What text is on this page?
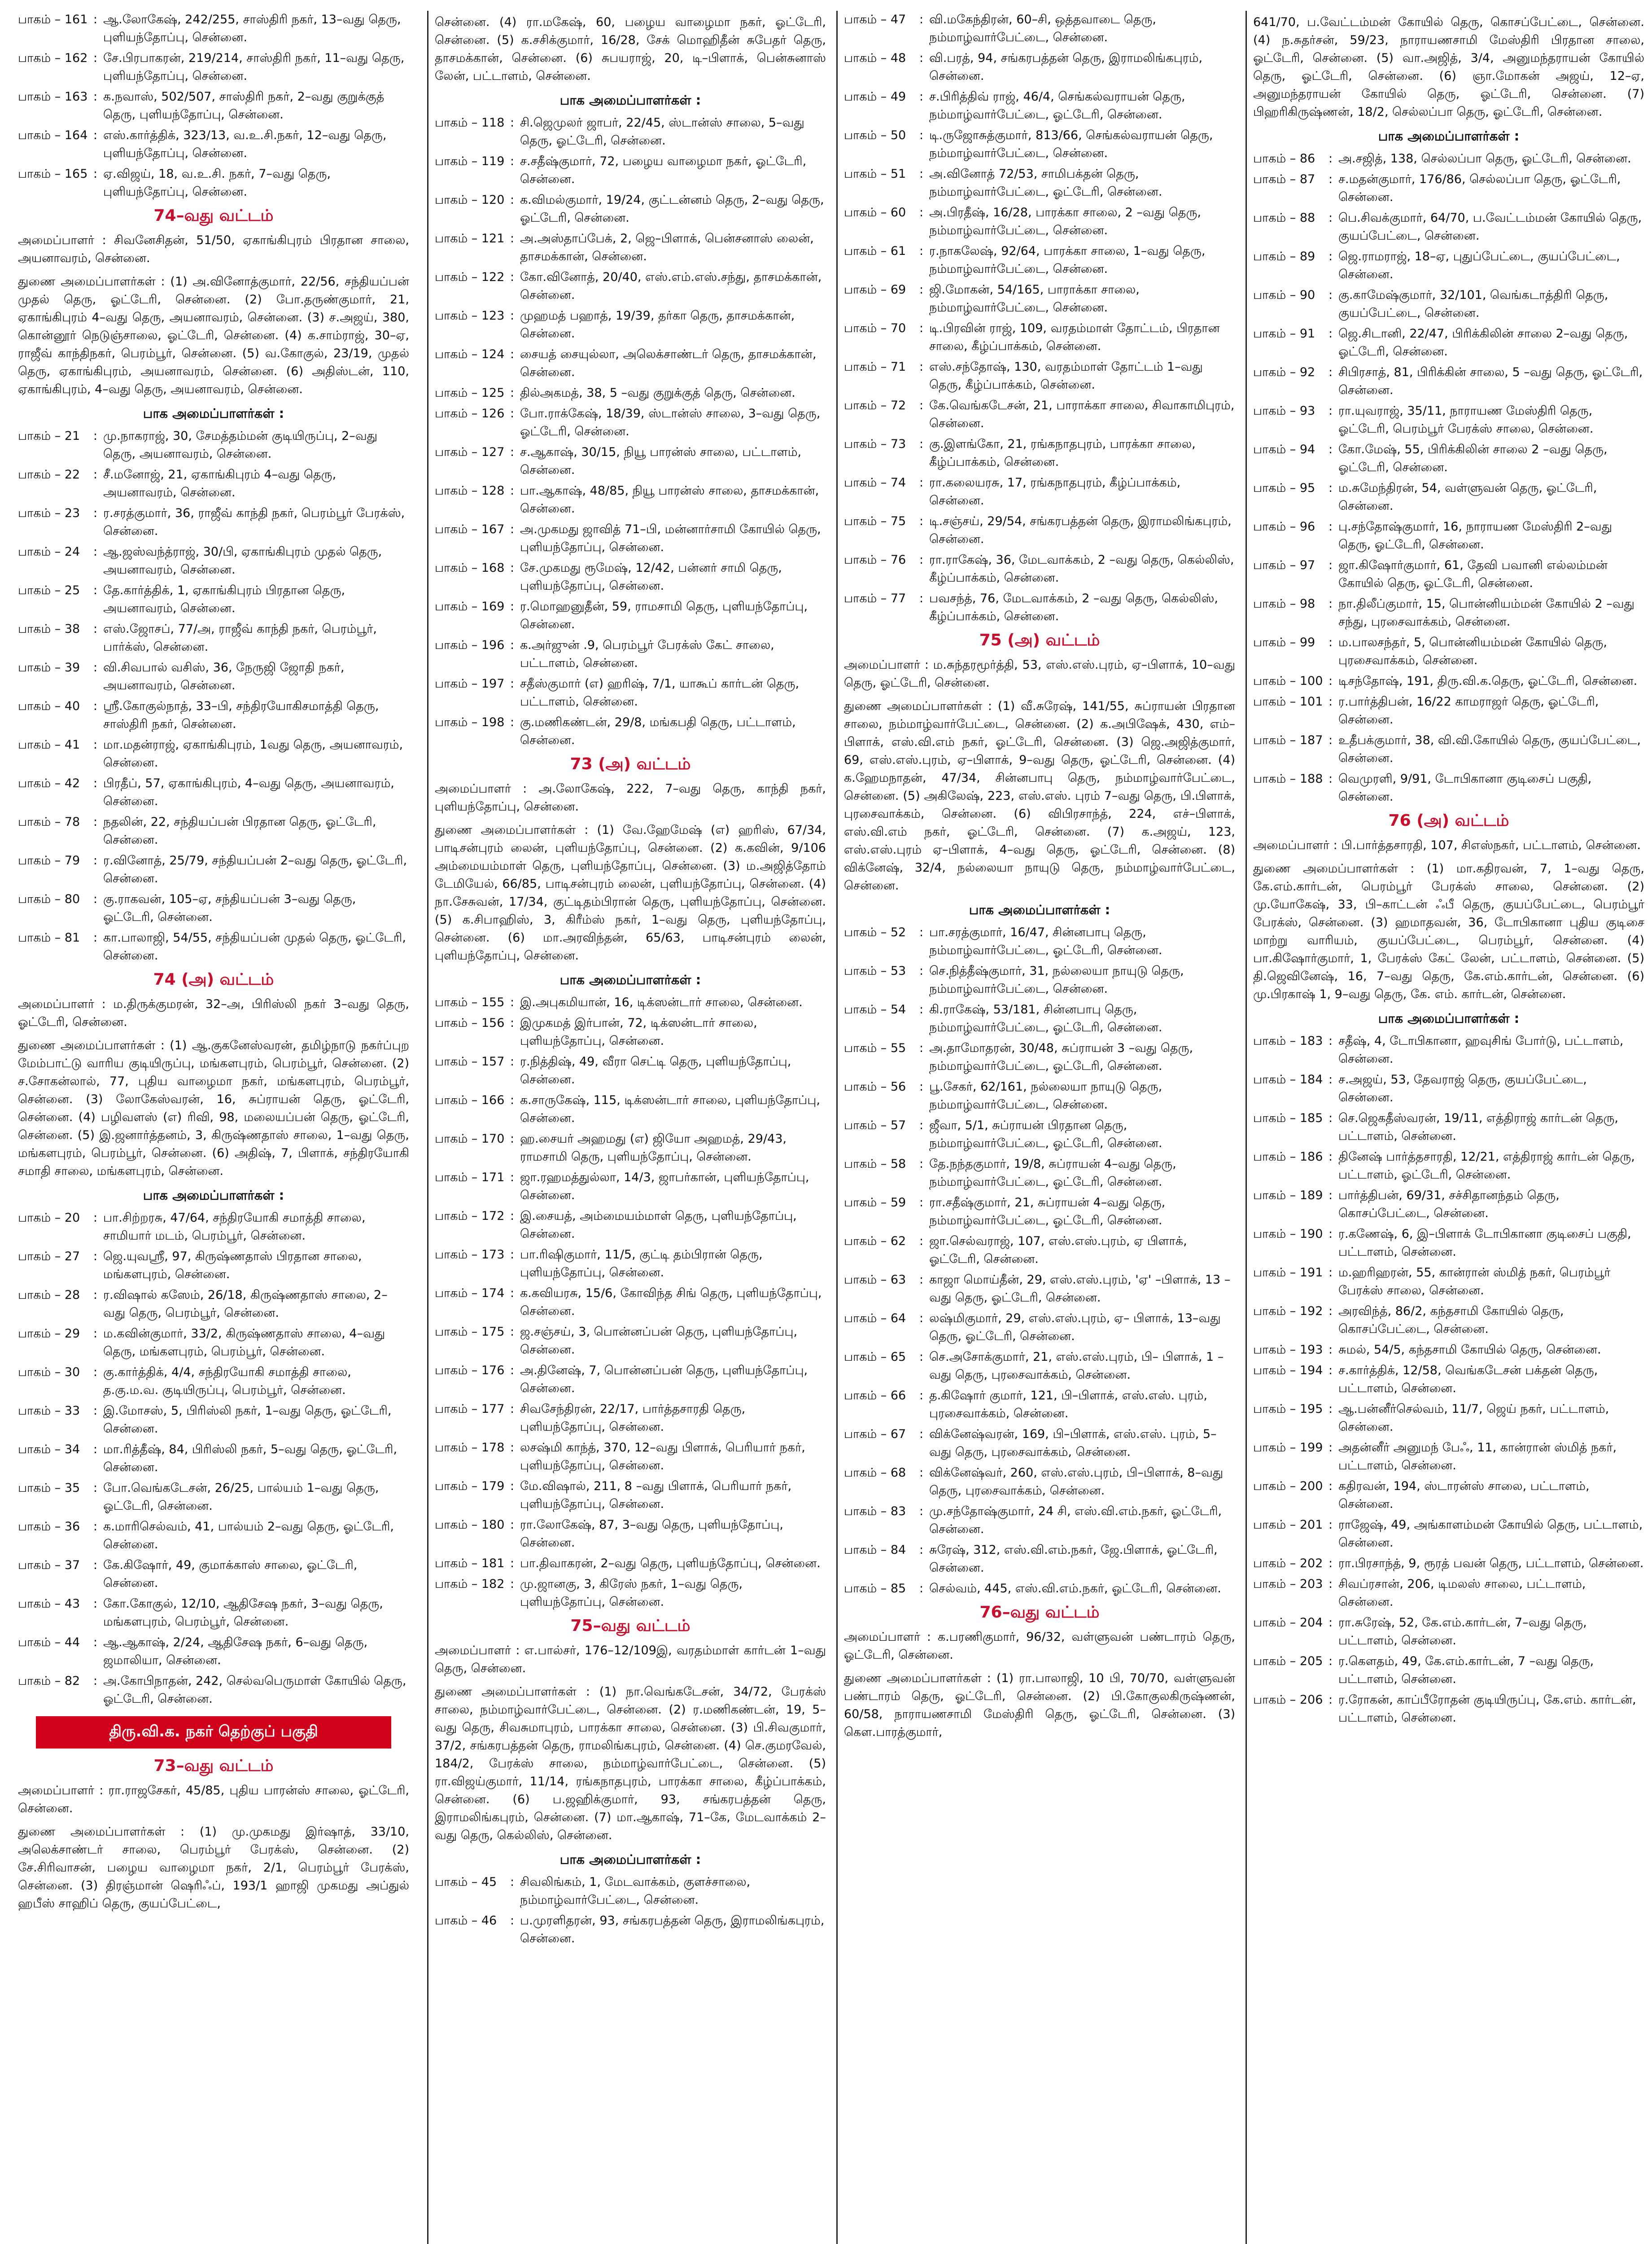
பாகம் – 161 : ஆ.லோகேஷ், 242/255, சாஸ்திரி நகர், 13–வது தெரு, புளியந்தோப்பு, சென்னை.
பாகம் – 162 : சே.பிரபாகரன், 219/214, சாஸ்திரி நகர், 11–வது தெரு, புளியந்தோப்பு, சென்னை.
பாகம் – 163 : க.நவாஸ், 502/507, சாஸ்திரி நகர், 2–வது குறுக்குத் தெரு, புளியந்தோப்பு, சென்னை.
பாகம் – 164 : எஸ்.கார்த்திக், 323/13, வ.உ.சி.நகர், 12–வது தெரு, புளியந்தோப்பு, சென்னை.
பாகம் – 165 : ஏ.விஜய், 18, வ.உ.சி. நகர், 7–வது தெரு, புளியந்தோப்பு, சென்னை.
74–வது வட்டம்
அமைப்பாளர் : சிவனேசிதன், 51/50, ஏகாங்கிபுரம் பிரதான சாலை, அயனாவரம், சென்னை.
துணை அமைப்பாளர்கள் : (1) அ.வினோத்குமார், 22/56, சந்தியப்பன் முதல் தெரு, ஓட்டேரி, சென்னை. (2) போ.தருண்குமார், 21, ஏகாங்கிபுரம் 4–வது தெரு, அயனாவரம், சென்னை. (3) ச.அஜய், 380, கொன்னூர் நெடுஞ்சாலை, ஓட்டேரி, சென்னை. (4) க.சாம்ராஜ், 30–ஏ, ராஜீவ் காந்திநகர், பெரம்பூர், சென்னை. (5) வ.கோகுல், 23/19, முதல் தெரு, ஏகாங்கிபுரம், அயனாவரம், சென்னை. (6) அதிஸ்டன், 110, ஏகாங்கிபுரம், 4–வது தெரு, அயனாவரம், சென்னை.
பாக அமைப்பாளர்கள் :
பாகம் – 21	: மு.நாகராஜ், 30, சேமத்தம்மன் குடியிருப்பு, 2–வது தெரு, அயனாவரம், சென்னை.
பாகம் – 22	: சீ.மனோஜ், 21, ஏகாங்கிபுரம் 4–வது தெரு, அயனாவரம், சென்னை.
பாகம் – 23	: ர.சரத்குமார், 36, ராஜீவ் காந்தி நகர், பெரம்பூர் பேரக்ஸ், சென்னை.
பாகம் – 24	: ஆ.ஜஸ்வந்த்ராஜ், 30/பி, ஏகாங்கிபுரம் முதல் தெரு, அயனாவரம், சென்னை.
பாகம் – 25	: தே.கார்த்திக், 1, ஏகாங்கிபுரம் பிரதான தெரு, அயனாவரம், சென்னை.
பாகம் – 38	: எஸ்.ஜோசப், 77/அ, ராஜீவ் காந்தி நகர், பெரம்பூர், பார்க்ஸ், சென்னை.
பாகம் – 39	: வி.சிவபால் வசிஸ், 36, நேருஜி ஜோதி நகர், அயனாவரம், சென்னை.
பாகம் – 40	: ஸ்ரீ.கோகுல்நாத், 33–பி, சந்திரயோகிசமாத்தி தெரு, சாஸ்திரி நகர், சென்னை.
பாகம் – 41	: மா.மதன்ராஜ், ஏகாங்கிபுரம், 1வது தெரு, அயனாவரம், சென்னை.
பாகம் – 42	: பிரதீப், 57, ஏகாங்கிபுரம், 4–வது தெரு, அயனாவரம், சென்னை.
பாகம் – 78	: நதலின், 22, சந்தியப்பன் பிரதான தெரு, ஓட்டேரி, சென்னை.
பாகம் – 79	: ர.வினோத், 25/79, சந்தியப்பன் 2–வது தெரு, ஓட்டேரி, சென்னை.
பாகம் – 80	: கு.ராகவன், 105–ஏ, சந்தியப்பன் 3–வது தெரு, ஓட்டேரி, சென்னை.
பாகம் – 81	: கா.பாலாஜி, 54/55, சந்தியப்பன் முதல் தெரு, ஓட்டேரி, சென்னை.
74 (அ) வட்டம்
அமைப்பாளர் : ம.திருக்குமரன், 32–அ, பிரிஸ்லி நகர் 3–வது தெரு, ஓட்டேரி, சென்னை.
துணை அமைப்பாளர்கள் : (1) ஆ.குகனேஸ்வரன், தமிழ்நாடு நகர்ப்புற மேம்பாட்டு வாரிய குடியிருப்பு, மங்களபுரம், பெரம்பூர், சென்னை. (2) ச.சோகன்லால், 77, புதிய வாழைமா நகர், மங்களபுரம், பெரம்பூர், சென்னை. (3) லோகேஸ்வரன், 16, சுப்ராயன் தெரு, ஓட்டேரி, சென்னை. (4) பழிவளஸ் (எ) ரிவி, 98, மலையப்பன் தெரு, ஓட்டேரி, சென்னை. (5) இ.ஜனார்த்தனம், 3, கிருஷ்ணதாஸ் சாலை, 1–வது தெரு, மங்களபுரம், பெரம்பூர், சென்னை. (6) அதிஷ், 7, பிளாக், சந்திரயோகி சமாதி சாலை, மங்களபுரம், சென்னை.
பாக அமைப்பாளர்கள் :
பாகம் – 20	: பா.சிற்றரசு, 47/64, சந்திரயோகி சமாத்தி சாலை, சாமியார் மடம், பெரம்பூர், சென்னை.
பாகம் – 27	: ஜெ.யுவஸ்ரீ, 97, கிருஷ்ணதாஸ் பிரதான சாலை, மங்களபுரம், சென்னை.
பாகம் – 28	: ர.விஷால் கஸேம், 26/18, கிருஷ்ணதாஸ் சாலை, 2–வது தெரு, பெரம்பூர், சென்னை.
பாகம் – 29	: ம.கவின்குமார், 33/2, கிருஷ்ணதாஸ் சாலை, 4–வது தெரு, மங்களபுரம், பெரம்பூர், சென்னை.
பாகம் – 30	: கு.கார்த்திக், 4/4, சந்திரயோகி சமாத்தி சாலை, த.கு.ம.வ. குடியிருப்பு, பெரம்பூர், சென்னை.
பாகம் – 33	: இ.மோசஸ், 5, பிரிஸ்லி நகர், 1–வது தெரு, ஓட்டேரி, சென்னை.
பாகம் – 34	: மா.ரித்தீஷ், 84, பிரிஸ்லி நகர், 5–வது தெரு, ஓட்டேரி, சென்னை.
பாகம் – 35	: போ.வெங்கடேசன், 26/25, பால்யம் 1–வது தெரு, ஓட்டேரி, சென்னை.
பாகம் – 36	: க.மாரிசெல்வம், 41, பால்யம் 2–வது தெரு, ஓட்டேரி, சென்னை.
பாகம் – 37	: கே.கிஷோர், 49, குமாக்காஸ் சாலை, ஓட்டேரி, சென்னை.
பாகம் – 43	: கோ.கோகுல், 12/10, ஆதிசேஷ நகர், 3–வது தெரு, மங்களபுரம், பெரம்பூர், சென்னை.
பாகம் – 44	: ஆ.ஆகாஷ், 2/24, ஆதிசேஷ நகர், 6–வது தெரு, ஜமாலியா, சென்னை.
பாகம் – 82	: அ.கோபிநாதன், 242, செல்வபெருமாள் கோயில் தெரு, ஓட்டேரி, சென்னை.
திரு.வி.க. நகர் தெற்குப் பகுதி
73–வது வட்டம்
அமைப்பாளர் : ரா.ராஜசேகர், 45/85, புதிய பாரன்ஸ் சாலை, ஓட்டேரி, சென்னை.
துணை அமைப்பாளர்கள் : (1) மு.முகமது இர்ஷாத், 33/10, அலெக்சாண்டர் சாலை, பெரம்பூர் பேரக்ஸ், சென்னை. (2) சே.சிரிவாசன், பழைய வாழைமா நகர், 2/1, பெரம்பூர் பேரக்ஸ், சென்னை. (3) திரஞ்மான் ஷெரிஃப், 193/1 ஹாஜி முகமது அப்துல் ஹபீஸ் சாஹிப் தெரு, குயப்பேட்டை,
சென்னை. (4) ரா.மகேஷ், 60, பழைய வாழைமா நகர், ஓட்டேரி, சென்னை. (5) க.சசிக்குமார், 16/28, சேக் மொஹிதீன் சுபேதர் தெரு, தாசமக்கான், சென்னை. (6) சுபயராஜ், 20, டி–பிளாக், பென்சுனாஸ் லேன், பட்டாளம், சென்னை.
பாக அமைப்பாளர்கள் :
பாகம் – 118 : சி.ஜெமுலர் ஜாபர், 22/45, ஸ்டான்ஸ் சாலை, 5–வது தெரு, ஓட்டேரி, சென்னை.
பாகம் – 119 : ச.சதீஷ்குமார், 72, பழைய வாழைமா நகர், ஓட்டேரி, சென்னை.
பாகம் – 120 : க.விமல்குமார், 19/24, குட்டன்னம் தெரு, 2–வது தெரு, ஓட்டேரி, சென்னை.
பாகம் – 121 : அ.அஸ்தாப்பேக், 2, ஜெ–பிளாக், பென்சனாஸ் லைன், தாசமக்கான், சென்னை.
பாகம் – 122 : கோ.வினோத், 20/40, எஸ்.எம்.எஸ்.சந்து, தாசமக்கான், சென்னை.
பாகம் – 123 : முஹமத் பஹாத், 19/39, தர்கா தெரு, தாசமக்கான், சென்னை.
பாகம் – 124 : சையத் சையுல்லா, அலெக்சாண்டர் தெரு, தாசமக்கான், சென்னை.
பாகம் – 125 : தில்அகமத், 38, 5 –வது குறுக்குத் தெரு, சென்னை.
பாகம் – 126 : போ.ராக்கேஷ், 18/39, ஸ்டான்ஸ் சாலை, 3–வது தெரு, ஓட்டேரி, சென்னை.
பாகம் – 127 : ச.ஆகாஷ், 30/15, நியூ பாரன்ஸ் சாலை, பட்டாளம், சென்னை.
பாகம் – 128 : பா.ஆகாஷ், 48/85, நியூ பாரன்ஸ் சாலை, தாசமக்கான், சென்னை.
பாகம் – 167 : அ.முகமது ஜாவித் 71–பி, மன்னார்சாமி கோயில் தெரு, புளியந்தோப்பு, சென்னை.
பாகம் – 168 : சே.முகமது ரூமேஷ், 12/42, பன்னர் சாமி தெரு, புளியந்தோப்பு, சென்னை.
பாகம் – 169 : ர.மொஹனுதீன், 59, ராமசாமி தெரு, புளியந்தோப்பு, சென்னை.
பாகம் – 196 : க.அர்ஜுன் .9, பெரம்பூர் பேரக்ஸ் கேட் சாலை, பட்டாளம், சென்னை.
பாகம் – 197 : சதீஸ்குமார் (எ) ஹரிஷ், 7/1, யாகூப் கார்டன் தெரு, பட்டாளம், சென்னை.
பாகம் – 198 : கு.மணிகண்டன், 29/8, மங்கபதி தெரு, பட்டாளம், சென்னை.
73 (அ) வட்டம்
அமைப்பாளர் : அ.லோகேஷ், 222, 7–வது தெரு, காந்தி நகர், புளியந்தோப்பு, சென்னை.
துணை அமைப்பாளர்கள் : (1) வே.ஹேமேஷ் (எ) ஹரிஸ், 67/34, பாடிசன்புரம் லைன், புளியந்தோப்பு, சென்னை. (2) க.கவின், 9/106 அம்மையம்மாள் தெரு, புளியந்தோப்பு, சென்னை. (3) ம.அஜித்தோம் டேமியேல், 66/85, பாடிசன்புரம் லைன், புளியந்தோப்பு, சென்னை. (4) நா.சேசுவன், 17/34, குட்டிதம்பிரான் தெரு, புளியந்தோப்பு, சென்னை. (5) க.சிபாஹிஸ், 3, கிரீம்ஸ் நகர், 1–வது தெரு, புளியந்தோப்பு, சென்னை. (6) மா.அரவிந்தன், 65/63, பாடிசன்புரம் லைன், புளியந்தோப்பு, சென்னை.
பாக அமைப்பாளர்கள் :
பாகம் – 155 : இ.அபுகமியான், 16, டிக்ஸன்டார் சாலை, சென்னை.
பாகம் – 156 : இமுகமத் இர்பான், 72, டிக்ஸன்டார் சாலை, புளியந்தோப்பு, சென்னை.
பாகம் – 157 : ர.நித்திஷ், 49, வீரா செட்டி தெரு, புளியந்தோப்பு, சென்னை.
பாகம் – 166 : க.சாருகேஷ், 115, டிக்ஸன்டார் சாலை, புளியந்தோப்பு, சென்னை.
பாகம் – 170 : ஹ.சையர் அஹமது (எ) ஜியோ அஹமத், 29/43, ராமசாமி தெரு, புளியந்தோப்பு, சென்னை.
பாகம் – 171 : ஜா.ரஹமத்துல்லா, 14/3, ஜாபர்கான், புளியந்தோப்பு, சென்னை.
பாகம் – 172 : இ.சையத், அம்மையம்மாள் தெரு, புளியந்தோப்பு, சென்னை.
பாகம் – 173 : பா.ரிஷிகுமார், 11/5, குட்டி தம்பிரான் தெரு, புளியந்தோப்பு, சென்னை.
பாகம் – 174 : க.கவியரசு, 15/6, கோவிந்த சிங் தெரு, புளியந்தோப்பு, சென்னை.
பாகம் – 175 : ஜ.சஞ்சய், 3, பொன்னப்பன் தெரு, புளியந்தோப்பு, சென்னை.
பாகம் – 176 : அ.தினேஷ், 7, பொன்னப்பன் தெரு, புளியந்தோப்பு, சென்னை.
பாகம் – 177 : சிவசேந்திரன், 22/17, பார்த்தசாரதி தெரு, புளியந்தோப்பு, சென்னை.
பாகம் – 178 : லசஷ்மி காந்த், 370, 12–வது பிளாக், பெரியார் நகர், புளியந்தோப்பு, சென்னை.
பாகம் – 179 : மே.விஷால், 211, 8 –வது பிளாக், பெரியார் நகர், புளியந்தோப்பு, சென்னை.
பாகம் – 180 : ரா.லோகேஷ், 87, 3–வது தெரு, புளியந்தோப்பு, சென்னை.
பாகம் – 181 : பா.திவாகரன், 2–வது தெரு, புளியந்தோப்பு, சென்னை.
பாகம் – 182 : மு.ஜானகு, 3, கிரேஸ் நகர், 1–வது தெரு, புளியந்தோப்பு, சென்னை.
75–வது வட்டம்
அமைப்பாளர் : எ.பால்சர், 176–12/109இ, வரதம்மாள் கார்டன் 1–வது தெரு, சென்னை.
துணை அமைப்பாளர்கள் : (1) நா.வெங்கடேசன், 34/72, பேரக்ஸ் சாலை, நம்மாழ்வார்பேட்டை, சென்னை. (2) ர.மணிகண்டன், 19, 5–வது தெரு, சிவசுமாபுரம், பாரக்கா சாலை, சென்னை. (3) பி.சிவகுமார், 37/2, சங்கரபத்தன் தெரு, ராமலிங்கபுரம், சென்னை. (4) செ.குமரவேல், 184/2, பேரக்ஸ் சாலை, நம்மாழ்வார்பேட்டை, சென்னை. (5) ரா.விஜய்குமார், 11/14, ரங்கநாதபுரம், பாரக்கா சாலை, கீழ்ப்பாக்கம், சென்னை. (6) ப.ஜஹிக்குமார், 93, சங்கரபத்தன் தெரு, இராமலிங்கபுரம், சென்னை. (7) மா.ஆகாஷ், 71–கே, மேடவாக்கம் 2– வது தெரு, கெல்லிஸ், சென்னை.
பாக அமைப்பாளர்கள் :
பாகம் – 45	: சிவலிங்கம், 1, மேடவாக்கம், குளச்சாலை, நம்மாழ்வார்பேட்டை, சென்னை.
பாகம் – 46	: ப.முரளிதரன், 93, சங்கரபத்தன் தெரு, இராமலிங்கபுரம், சென்னை.
பாகம் – 47	: வி.மகேந்திரன், 60–சி, ஒத்தவாடை தெரு, நம்மாழ்வார்பேட்டை, சென்னை.
பாகம் – 48	: வி.பரத், 94, சங்கரபத்தன் தெரு, இராமலிங்கபுரம், சென்னை.
பாகம் – 49	: ச.பிரித்திவ் ராஜ், 46/4, செங்கல்வராயன் தெரு, நம்மாழ்வார்பேட்டை, ஓட்டேரி, சென்னை.
பாகம் – 50	: டி.ருஜோசுத்குமார், 813/66, செங்கல்வராயன் தெரு, நம்மாழ்வார்பேட்டை, சென்னை.
பாகம் – 51	: அ.வினோத் 72/53, சாமிபக்தன் தெரு, நம்மாழ்வார்பேட்டை, ஓட்டேரி, சென்னை.
பாகம் – 60	: அ.பிரதீஷ், 16/28, பாரக்கா சாலை, 2 –வது தெரு, நம்மாழ்வார்பேட்டை, சென்னை.
பாகம் – 61	: ர.நாகலேஷ், 92/64, பாரக்கா சாலை, 1–வது தெரு, நம்மாழ்வார்பேட்டை, சென்னை.
பாகம் – 69	: ஜி.மோகன், 54/165, பாராக்கா சாலை, நம்மாழ்வார்பேட்டை, சென்னை.
பாகம் – 70	: டி.பிரவின் ராஜ், 109, வரதம்மாள் தோட்டம், பிரதான சாலை, கீழ்ப்பாக்கம், சென்னை.
பாகம் – 71	: எஸ்.சந்தோஷ், 130, வரதம்மாள் தோட்டம் 1–வது தெரு, கீழ்ப்பாக்கம், சென்னை.
பாகம் – 72	: கே.வெங்கடேசன், 21, பாராக்கா சாலை, சிவாகாமிபுரம், சென்னை.
பாகம் – 73	: கு.இளங்கோ, 21, ரங்கநாதபுரம், பாரக்கா சாலை, கீழ்ப்பாக்கம், சென்னை.
பாகம் – 74	: ரா.கலையரசு, 17, ரங்கநாதபுரம், கீழ்ப்பாக்கம், சென்னை.
பாகம் – 75	: டி.சஞ்சய், 29/54, சங்கரபத்தன் தெரு, இராமலிங்கபுரம், சென்னை.
பாகம் – 76	: ரா.ராகேஷ், 36, மேடவாக்கம், 2 –வது தெரு, கெல்லிஸ், கீழ்ப்பாக்கம், சென்னை.
பாகம் – 77	: பவசந்த், 76, மேடவாக்கம், 2 –வது தெரு, கெல்லிஸ், கீழ்ப்பாக்கம், சென்னை.
75 (அ) வட்டம்
அமைப்பாளர் : ம.சுந்தரமூர்த்தி, 53, எஸ்.எஸ்.புரம், ஏ–பிளாக், 10–வது தெரு, ஓட்டேரி, சென்னை.
துணை அமைப்பாளர்கள் : (1) வீ.சுரேஷ், 141/55, சுப்ராயன் பிரதான சாலை, நம்மாழ்வார்பேட்டை, சென்னை. (2) க.அபிஷேக், 430, எம்–பிளாக், எஸ்.வி.எம் நகர், ஓட்டேரி, சென்னை. (3) ஜெ.அஜித்குமார், 69, எஸ்.எஸ்.புரம், ஏ–பிளாக், 9–வது தெரு, ஓட்டேரி, சென்னை. (4) க.ஹேமநாதன், 47/34, சின்னபாபு தெரு, நம்மாழ்வார்பேட்டை, சென்னை. (5) அகிலேஷ், 223, எஸ்.எஸ். புரம் 7–வது தெரு, பி.பிளாக், புரசைவாக்கம், சென்னை. (6) விபிரசாந்த், 224, எச்–பிளாக், எஸ்.வி.எம் நகர், ஓட்டேரி, சென்னை. (7) க.அஜய், 123, எஸ்.எஸ்.புரம் ஏ–பிளாக், 4–வது தெரு, ஓட்டேரி, சென்னை. (8) விக்னேஷ், 32/4, நல்லையா நாயுடு தெரு, நம்மாழ்வார்பேட்டை, சென்னை.
பாக அமைப்பாளர்கள் :
பாகம் – 52	: பா.சரத்குமார், 16/47, சின்னபாபு தெரு, நம்மாழ்வார்பேட்டை, ஓட்டேரி, சென்னை.
பாகம் – 53	: செ.நித்தீஷ்குமார், 31, நல்லையா நாயுடு தெரு, நம்மாழ்வார்பேட்டை, சென்னை.
பாகம் – 54	: கி.ராகேஷ், 53/181, சின்னபாபு தெரு, நம்மாழ்வார்பேட்டை, ஓட்டேரி, சென்னை.
பாகம் – 55	: அ.தாமோதரன், 30/48, சுப்ராயன் 3 –வது தெரு, நம்மாழ்வார்பேட்டை, ஓட்டேரி, சென்னை.
பாகம் – 56	: பூ.சேகர், 62/161, நல்லையா நாயுடு தெரு, நம்மாழ்வார்பேட்டை, சென்னை.
பாகம் – 57	: ஜீவா, 5/1, சுப்ராயன் பிரதான தெரு, நம்மாழ்வார்பேட்டை, ஓட்டேரி, சென்னை.
பாகம் – 58	: தே.நந்தகுமார், 19/8, சுப்ராயன் 4–வது தெரு, நம்மாழ்வார்பேட்டை, ஓட்டேரி, சென்னை.
பாகம் – 59	: ரா.சதீஷ்குமார், 21, சுப்ராயன் 4–வது தெரு, நம்மாழ்வார்பேட்டை, ஓட்டேரி, சென்னை.
பாகம் – 62	: ஜா.செல்வராஜ், 107, எஸ்.எஸ்.புரம், ஏ பிளாக், ஓட்டேரி, சென்னை.
பாகம் – 63	: காஜா மொய்தீன், 29, எஸ்.எஸ்.புரம், 'ஏ' –பிளாக், 13 –வது தெரு, ஓட்டேரி, சென்னை.
பாகம் – 64	: லஷ்மிகுமார், 29, எஸ்.எஸ்.புரம், ஏ– பிளாக், 13–வது தெரு, ஓட்டேரி, சென்னை.
பாகம் – 65	: செ.அசோக்குமார், 21, எஸ்.எஸ்.புரம், பி– பிளாக், 1 –வது தெரு, புரசைவாக்கம், சென்னை.
பாகம் – 66	: த.கிஷோர் குமார், 121, பி–பிளாக், எஸ்.எஸ். புரம், புரசைவாக்கம், சென்னை.
பாகம் – 67	: விக்னேஷ்வரன், 169, பி–பிளாக், எஸ்.எஸ். புரம், 5–வது தெரு, புரசைவாக்கம், சென்னை.
பாகம் – 68	: விக்னேஷ்வர், 260, எஸ்.எஸ்.புரம், பி–பிளாக், 8–வது தெரு, புரசைவாக்கம், சென்னை.
பாகம் – 83	: மு.சந்தோஷ்குமார், 24 சி, எஸ்.வி.எம்.நகர், ஓட்டேரி, சென்னை.
பாகம் – 84	: சுரேஷ், 312, எஸ்.வி.எம்.நகர், ஜே.பிளாக், ஓட்டேரி, சென்னை.
பாகம் – 85	: செல்வம், 445, எஸ்.வி.எம்.நகர், ஓட்டேரி, சென்னை.
76–வது வட்டம்
அமைப்பாளர் : க.பரணிகுமார், 96/32, வள்ளுவன் பண்டாரம் தெரு, ஓட்டேரி, சென்னை.
துணை அமைப்பாளர்கள் : (1) ரா.பாலாஜி, 10 பி, 70/70, வள்ளுவன் பண்டாரம் தெரு, ஓட்டேரி, சென்னை. (2) பி.கோகுலகிருஷ்ணன், 60/58, நாராயணசாமி மேஸ்திரி தெரு, ஓட்டேரி, சென்னை. (3) கௌ.பாரத்குமார்,
641/70, ப.வேட்டம்மன் கோயில் தெரு, கொசப்பேட்டை, சென்னை. (4) ந.சுதர்சன், 59/23, நாராயணசாமி மேஸ்திரி பிரதான சாலை, ஓட்டேரி, சென்னை. (5) வா.அஜித், 3/4, அனுமந்தராயன் கோயில் தெரு, ஓட்டேரி, சென்னை. (6) ஞா.மோகன் அஜய், 12–ஏ, அனுமந்தராயன் கோயில் தெரு, ஓட்டேரி, சென்னை. (7) பிஹரிகிருஷ்ணன், 18/2, செல்லப்பா தெரு, ஓட்டேரி, சென்னை.
பாக அமைப்பாளர்கள் :
பாகம் – 86	: அ.சஜித், 138, செல்லப்பா தெரு, ஓட்டேரி, சென்னை.
பாகம் – 87	: ச.மதன்குமார், 176/86, செல்லப்பா தெரு, ஓட்டேரி, சென்னை.
பாகம் – 88	: பெ.சிவக்குமார், 64/70, ப.வேட்டம்மன் கோயில் தெரு, குயப்பேட்டை, சென்னை.
பாகம் – 89	: ஜெ.ராமராஜ், 18–ஏ, புதுப்பேட்டை, குயப்பேட்டை, சென்னை.
பாகம் – 90	: கு.காமேஷ்குமார், 32/101, வெங்கடாத்திரி தெரு, குயப்பேட்டை, சென்னை.
பாகம் – 91	: ஜெ.சிடானி, 22/47, பிரிக்கிலின் சாலை 2–வது தெரு, ஓட்டேரி, சென்னை.
பாகம் – 92	: சிபிரசாத், 81, பிரிக்கின் சாலை, 5 –வது தெரு, ஓட்டேரி, சென்னை.
பாகம் – 93	: ரா.யுவராஜ், 35/11, நாராயண மேஸ்திரி தெரு, ஓட்டேரி, பெரம்பூர் பேரக்ஸ் சாலை, சென்னை.
பாகம் – 94	: கோ.மேஷ், 55, பிரிக்கிலின் சாலை 2 –வது தெரு, ஓட்டேரி, சென்னை.
பாகம் – 95	: ம.சுமேந்திரன், 54, வள்ளுவன் தெரு, ஓட்டேரி, சென்னை.
பாகம் – 96	: பு.சந்தோஷ்குமார், 16, நாராயண மேஸ்திரி 2–வது தெரு, ஓட்டேரி, சென்னை.
பாகம் – 97	: ஜா.கிஷோர்குமார், 61, தேவி பவானி எல்லம்மன் கோயில் தெரு, ஓட்டேரி, சென்னை.
பாகம் – 98	: நா.திலீப்குமார், 15, பொன்னியம்மன் கோயில் 2 –வது சந்து, புரசைவாக்கம், சென்னை.
பாகம் – 99	: ம.பாலசந்தர், 5, பொன்னியம்மன் கோயில் தெரு, புரசைவாக்கம், சென்னை.
பாகம் – 100 : டிசந்தோஷ், 191, திரு.வி.க.தெரு, ஓட்டேரி, சென்னை.
பாகம் – 101 : ர.பார்த்திபன், 16/22 காமராஜர் தெரு, ஓட்டேரி, சென்னை.
பாகம் – 187 : உதீபக்குமார், 38, வி.வி.கோயில் தெரு, குயப்பேட்டை, சென்னை.
பாகம் – 188 : வெமுரளி, 9/91, டோபிகானா குடிசைப் பகுதி, சென்னை.
76 (அ) வட்டம்
அமைப்பாளர் : பி.பார்த்தசாரதி, 107, சிஎஸ்நகர், பட்டாளம், சென்னை.
துணை அமைப்பாளர்கள் : (1) மா.கதிரவன், 7, 1–வது தெரு, கே.எம்.கார்டன், பெரம்பூர் பேரக்ஸ் சாலை, சென்னை. (2) மு.யோகேஷ், 33, பி–காட்டன் ஃபீ தெரு, குயப்பேட்டை, பெரம்பூர் பேரக்ஸ், சென்னை. (3) ஹமாதவன், 36, டோபிகானா புதிய குடிசை மாற்று வாரியம், குயப்பேட்டை, பெரம்பூர், சென்னை. (4) பா.கிஷோர்குமார், 1, பேரக்ஸ் கேட் லேன், பட்டாளம், சென்னை. (5) தி.ஜெவினேஷ், 16, 7–வது தெரு, கே.எம்.கார்டன், சென்னை. (6) மு.பிரகாஷ் 1, 9–வது தெரு, கே. எம். கார்டன், சென்னை.
பாக அமைப்பாளர்கள் :
பாகம் – 183 : சதீஷ், 4, டோபிகானா, ஹவுசிங் போர்டு, பட்டாளம், சென்னை.
பாகம் – 184 : ச.அஜய், 53, தேவராஜ் தெரு, குயப்பேட்டை, சென்னை.
பாகம் – 185 : செ.ஜெகதீஸ்வரன், 19/11, எத்திராஜ் கார்டன் தெரு, பட்டாளம், சென்னை.
பாகம் – 186 : தினேஷ் பார்த்தசாரதி, 12/21, எத்திராஜ் கார்டன் தெரு, பட்டாளம், ஓட்டேரி, சென்னை.
பாகம் – 189 : பார்த்திபன், 69/31, சச்சிதானந்தம் தெரு, கொசப்பேட்டை, சென்னை.
பாகம் – 190 : ர.கணேஷ், 6, இ–பிளாக் டோபிகானா குடிசைப் பகுதி, பட்டாளம், சென்னை.
பாகம் – 191 : ம.ஹரிஹரன், 55, கான்ரான் ஸ்மித் நகர், பெரம்பூர் பேரக்ஸ் சாலை, சென்னை.
பாகம் – 192 : அரவிந்த், 86/2, கந்தசாமி கோயில் தெரு, கொசப்பேட்டை, சென்னை.
பாகம் – 193 : சுமல், 54/5, கந்தசாமி கோயில் தெரு, சென்னை.
பாகம் – 194 : ச.கார்த்திக், 12/58, வெங்கடேசன் பக்தன் தெரு, பட்டாளம், சென்னை.
பாகம் – 195 : ஆ.பன்னீர்செல்வம், 11/7, ஜெய் நகர், பட்டாளம், சென்னை.
பாகம் – 199 : அதன்னீர் அனுமந் பேஃ, 11, கான்ரான் ஸ்மித் நகர், பட்டாளம், சென்னை.
பாகம் – 200 : கதிரவன், 194, ஸ்டாரன்ஸ் சாலை, பட்டாளம், சென்னை.
பாகம் – 201 : ராஜேஷ், 49, அங்காளம்மன் கோயில் தெரு, பட்டாளம், சென்னை.
பாகம் – 202 : ரா.பிரசாந்த், 9, ரூரத் பவன் தெரு, பட்டாளம், சென்னை.
பாகம் – 203 : சிவப்ரசான், 206, டிமலஸ் சாலை, பட்டாளம், சென்னை.
பாகம் – 204 : ரா.சுரேஷ், 52, கே.எம்.கார்டன், 7–வது தெரு, பட்டாளம், சென்னை.
பாகம் – 205 : ர.கௌதம், 49, கே.எம்.கார்டன், 7 –வது தெரு, பட்டாளம், சென்னை.
பாகம் – 206 : ர.ரோகன், காப்பீரோதன் குடியிருப்பு, கே.எம். கார்டன், பட்டாளம், சென்னை.
